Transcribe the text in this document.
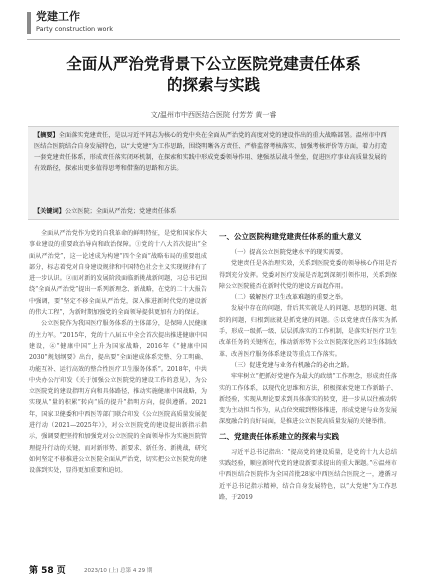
党建工作
Party construction work
全面从严治党背景下公立医院党建责任体系
的探索与实践
文/温州市中西医结合医院 付芳芳 黄一睿
【摘要】全面落实党建责任，是以习近平同志为核心的党中央在全面从严治党的高度对党的建设作出的重大战略部署。温州市中西医结合医院结合自身发展特色，以“大党建”为工作思路，围绕明晰各方责任、严格监督考核落实、加强考核评价等方面，着力打造一套党建责任体系，形成责任落实闭环机制，在探索和实践中形成党委领导作用、建强基层战斗堡垒，促进医疗事业高质量发展的有效路径，探索出更多值得思考和借鉴的思路和方法。
【关键词】公立医院；全面从严治党；党建责任体系

全面从严治党作为党的自我革命的鲜明特征，是党和国家作大事业建设的重要政治导向和政治保障。①党的十八大首次提出“全面从严治党”，这一论述成为构建“四个全面”战略布局的重要组成部分，标志着党对自身建设规律和中国特色社会主义实现规律有了进一步认识。②而对新的发展阶段面临新挑战新问题，习总书记围绕“全面从严治党”提出一系列新理念、新战略，在党的二十大报告中强调，要“坚定不移全面从严治党，深入推进新时代党的建设新的伟大工程”，为新时期加强党的全面领导提供更加有力的保证。

公立医院作为我国医疗服务体系的主体部分，是保障人民健康的主力军。“2015年，党的十八届五中全会首次提出推进健康中国建设，④“健康中国”上升为国家战略，2016年《“健康中国2030”规划纲要》出台，提出要“全面建成体系完整、分工明确、功能互补、运行高效的整合性医疗卫生服务体系”。2018年，中共中央办公厅印发《关于加强公立医院党的建设工作的意见》，为公立医院党的建设指明方向和具体路径，推动实施健康中国战略，为实现从“量的积累”转向“质的提升”指明方向，提供遵循。2021年，国家卫健委和中西医等部门联合印发《公立医院高质量发展促进行动（2021—2025年）》，对公立医院党的建设提出新指示指示，强调要把坚持和加强党对公立医院的全面领导作为实施医院管理提升行动的关键，而对新形势、新要求、新任务、新挑战，研究如何坚定不移推进公立医院全面从严治党，切实把公立医院党的建设落到实处，显得更加重要和迫切。

一、公立医院构建党建责任体系的重大意义

（一）提高公立医院党建水平的现实需要。

党建责任是各治理实效，关系到医院党委的领导核心作用是否得到充分发挥。党委对医疗发展是否起到深刻引领作用，关系到保障公立医院能否在新时代党的建设方面起作用。

（二）破解医疗卫生改革难题的重要之举。

发展中存在的问题，背后其实就是人的问题、思想的问题、组织的问题，归根到底就是抓党建的问题。⑤以党建责任落实为抓手，形成一级抓一级、层层抓落实的工作机制，是落实好医疗卫生改革任务的关键所在，推动新形势下公立医院深化医药卫生体制改革、改善医疗服务体系建设等重点工作落实。

（三）促进党建与业务有机融合的必由之路。

牢牢树立“把抓好党建作为最大的政绩”工作理念，形成责任落实的工作体系，以现代化思维和方法，积极探索党建工作新路子、新经验，实现从理论要求到具体落实的转变，进一步从以往被动转变为主动担当作为，从点位突破到整体推进，形成党建与业务发展深度融合的良好局面，是推进公立医院高质量发展的关键举措。

二、党建责任体系建立的探索与实践

习近平总书记指出：“提高党的建设质量，是党的十九大总结实践经验，顺应新时代党的建设新要求提出的重大课题。”⑥温州市中西医结合医院作为全国首批28家中西医结合医院之一，遵循习近平总书记指示精神，结合自身发展特色，以“大党建”为工作思路，于2019

第 58 页	2023/10 (上) 总第 4 29 期
